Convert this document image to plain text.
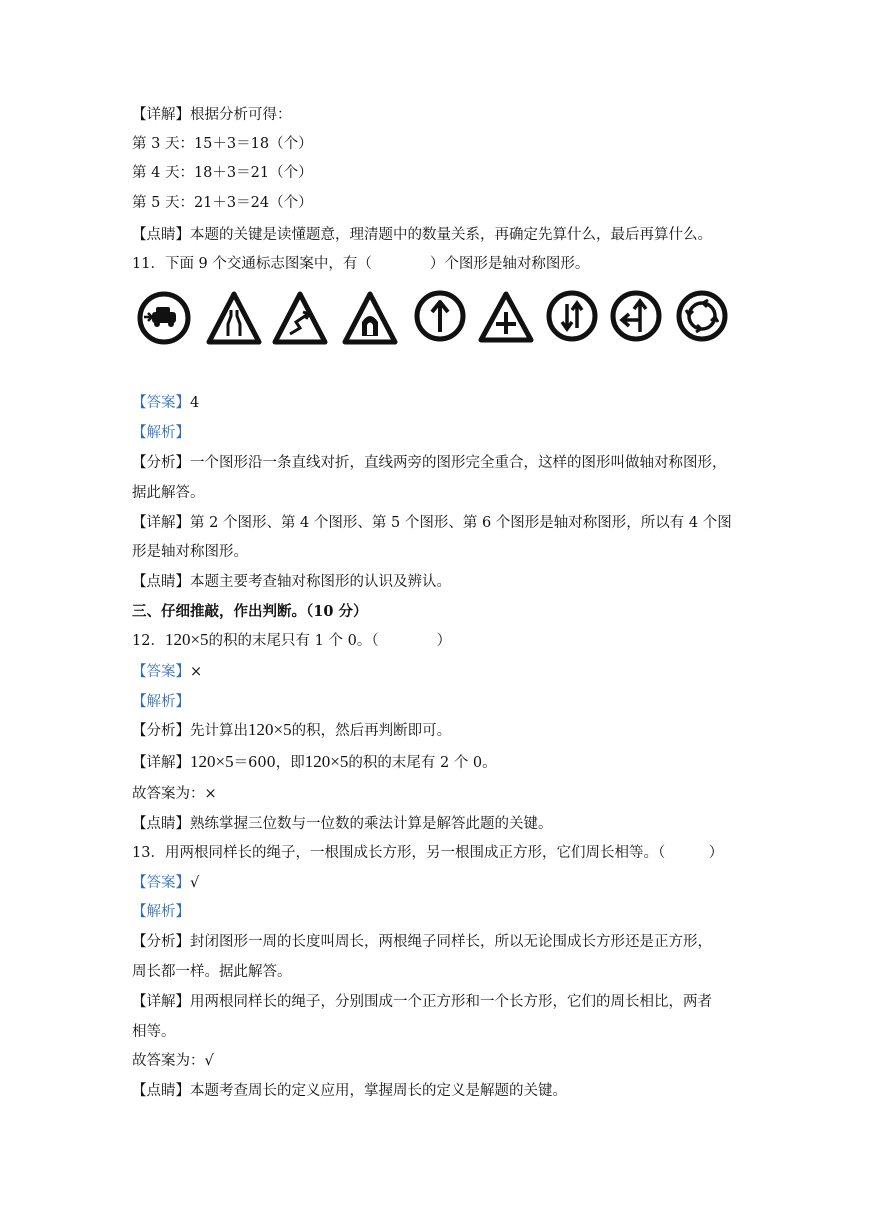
【详解】根据分析可得：
第 3 天：15＋3＝18（个）
第 4 天：18＋3＝21（个）
第 5 天：21＋3＝24（个）
【点睛】本题的关键是读懂题意，理清题中的数量关系，再确定先算什么，最后再算什么。
11．下面 9 个交通标志图案中，有（　　　　）个图形是轴对称图形。
【答案】4
【解析】
【分析】一个图形沿一条直线对折，直线两旁的图形完全重合，这样的图形叫做轴对称图形，
据此解答。
【详解】第 2 个图形、第 4 个图形、第 5 个图形、第 6 个图形是轴对称图形，所以有 4 个图
形是轴对称图形。
【点睛】本题主要考查轴对称图形的认识及辨认。
三、仔细推敲，作出判断。（10 分）
12．120×5的积的末尾只有 1 个 0。（　　　　）
【答案】×
【解析】
【分析】先计算出120×5的积，然后再判断即可。
【详解】120×5＝600，即120×5的积的末尾有 2 个 0。
故答案为：×
【点睛】熟练掌握三位数与一位数的乘法计算是解答此题的关键。
13．用两根同样长的绳子，一根围成长方形，另一根围成正方形，它们周长相等。（　　　）
【答案】√
【解析】
【分析】封闭图形一周的长度叫周长，两根绳子同样长，所以无论围成长方形还是正方形，
周长都一样。据此解答。
【详解】用两根同样长的绳子，分别围成一个正方形和一个长方形，它们的周长相比，两者
相等。
故答案为：√
【点睛】本题考查周长的定义应用，掌握周长的定义是解题的关键。
